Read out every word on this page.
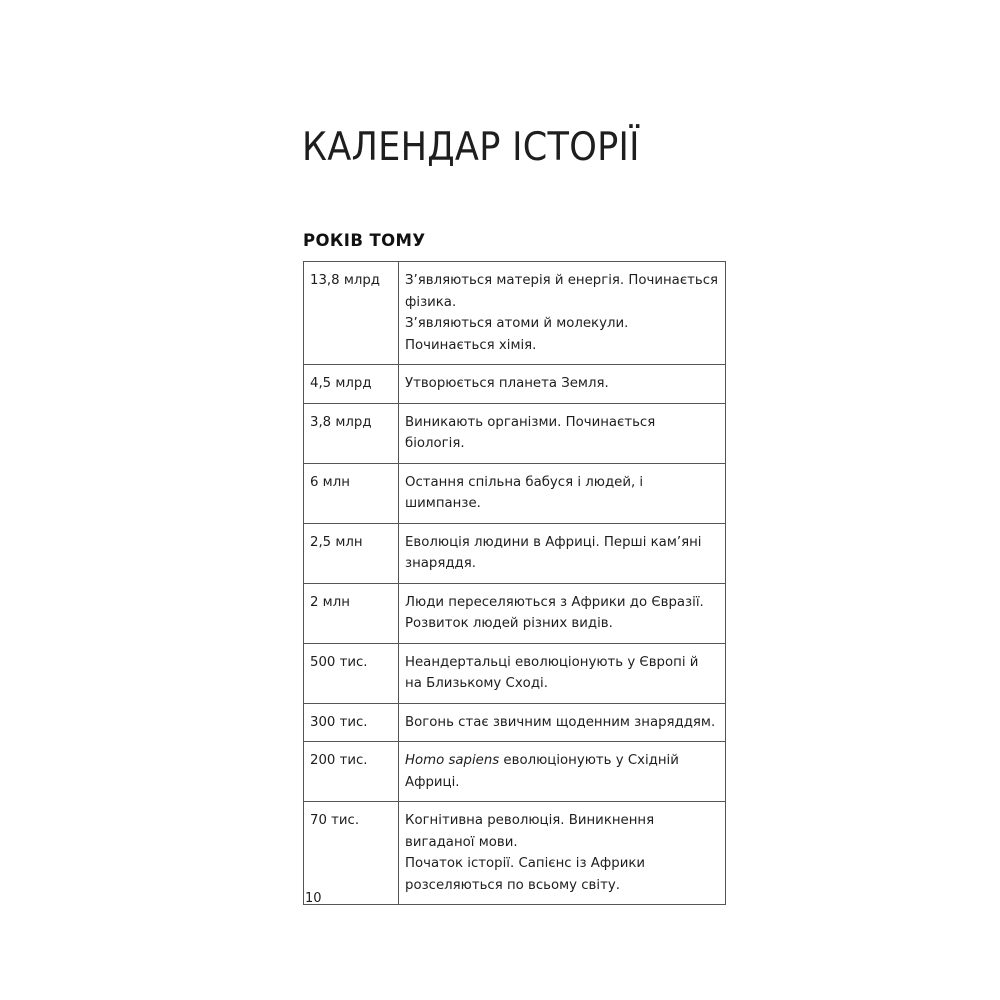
КАЛЕНДАР ІСТОРІЇ
РОКІВ ТОМУ
13,8 млрд	З’являються матерія й енергія. Починається фізика.
З’являються атоми й молекули. Починається хімія.

4,5 млрд	Утворюється планета Земля.

3,8 млрд	Виникають організми. Починається біологія.

6 млн	Остання спільна бабуся і людей, і шимпанзе.

2,5 млн	Еволюція людини в Африці. Перші кам’яні знаряддя.

2 млн	Люди переселяються з Африки до Євразії. Розвиток людей різних видів.

500 тис.	Неандертальці еволюціонують у Європі й на Близькому Сході.

300 тис.	Вогонь стає звичним щоденним знаряддям.

200 тис.	Homo sapiens еволюціонують у Східній Африці.

70 тис.	Когнітивна революція. Виникнення вигаданої мови.
Початок історії. Сапієнс із Африки розселяються по всьому світу.
10
